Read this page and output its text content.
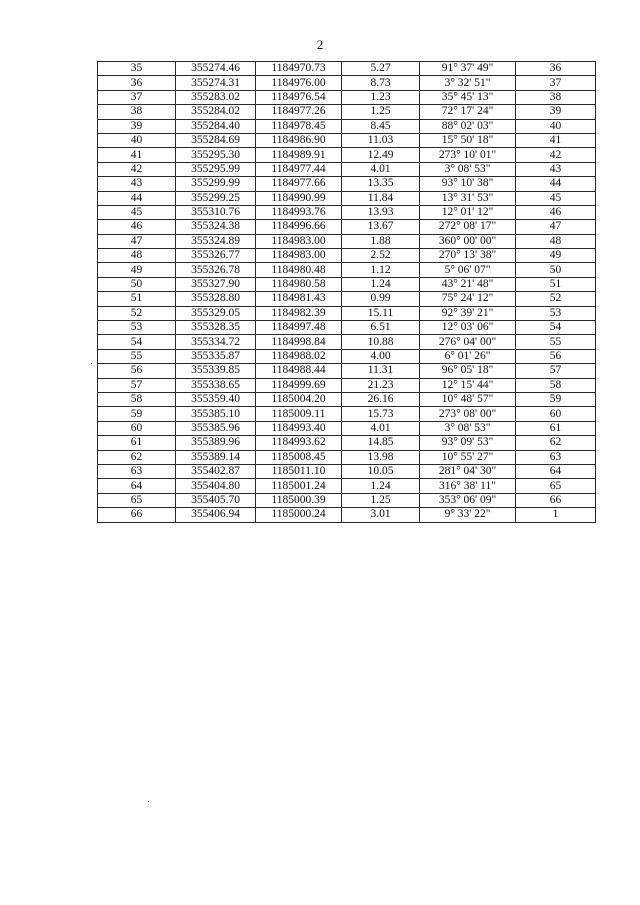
2
35	355274.46	1184970.73	5.27	91° 37' 49"	36
36	355274.31	1184976.00	8.73	3° 32' 51"	37
37	355283.02	1184976.54	1.23	35° 45' 13"	38
38	355284.02	1184977.26	1.25	72° 17' 24"	39
39	355284.40	1184978.45	8.45	88° 02' 03"	40
40	355284.69	1184986.90	11.03	15° 50' 18"	41
41	355295.30	1184989.91	12.49	273° 10' 01"	42
42	355295.99	1184977.44	4.01	3° 08' 53"	43
43	355299.99	1184977.66	13.35	93° 10' 38"	44
44	355299.25	1184990.99	11.84	13° 31' 53"	45
45	355310.76	1184993.76	13.93	12° 01' 12"	46
46	355324.38	1184996.66	13.67	272° 08' 17"	47
47	355324.89	1184983.00	1.88	360° 00' 00"	48
48	355326.77	1184983.00	2.52	270° 13' 38"	49
49	355326.78	1184980.48	1.12	5° 06' 07"	50
50	355327.90	1184980.58	1.24	43° 21' 48"	51
51	355328.80	1184981.43	0.99	75° 24' 12"	52
52	355329.05	1184982.39	15.11	92° 39' 21"	53
53	355328.35	1184997.48	6.51	12° 03' 06"	54
54	355334.72	1184998.84	10.88	276° 04' 00"	55
55	355335.87	1184988.02	4.00	6° 01' 26"	56
56	355339.85	1184988.44	11.31	96° 05' 18"	57
57	355338.65	1184999.69	21.23	12° 15' 44"	58
58	355359.40	1185004.20	26.16	10° 48' 57"	59
59	355385.10	1185009.11	15.73	273° 08' 00"	60
60	355385.96	1184993.40	4.01	3° 08' 53"	61
61	355389.96	1184993.62	14.85	93° 09' 53"	62
62	355389.14	1185008.45	13.98	10° 55' 27"	63
63	355402.87	1185011.10	10.05	281° 04' 30"	64
64	355404.80	1185001.24	1.24	316° 38' 11"	65
65	355405.70	1185000.39	1.25	353° 06' 09"	66
66	355406.94	1185000.24	3.01	9° 33' 22"	1
